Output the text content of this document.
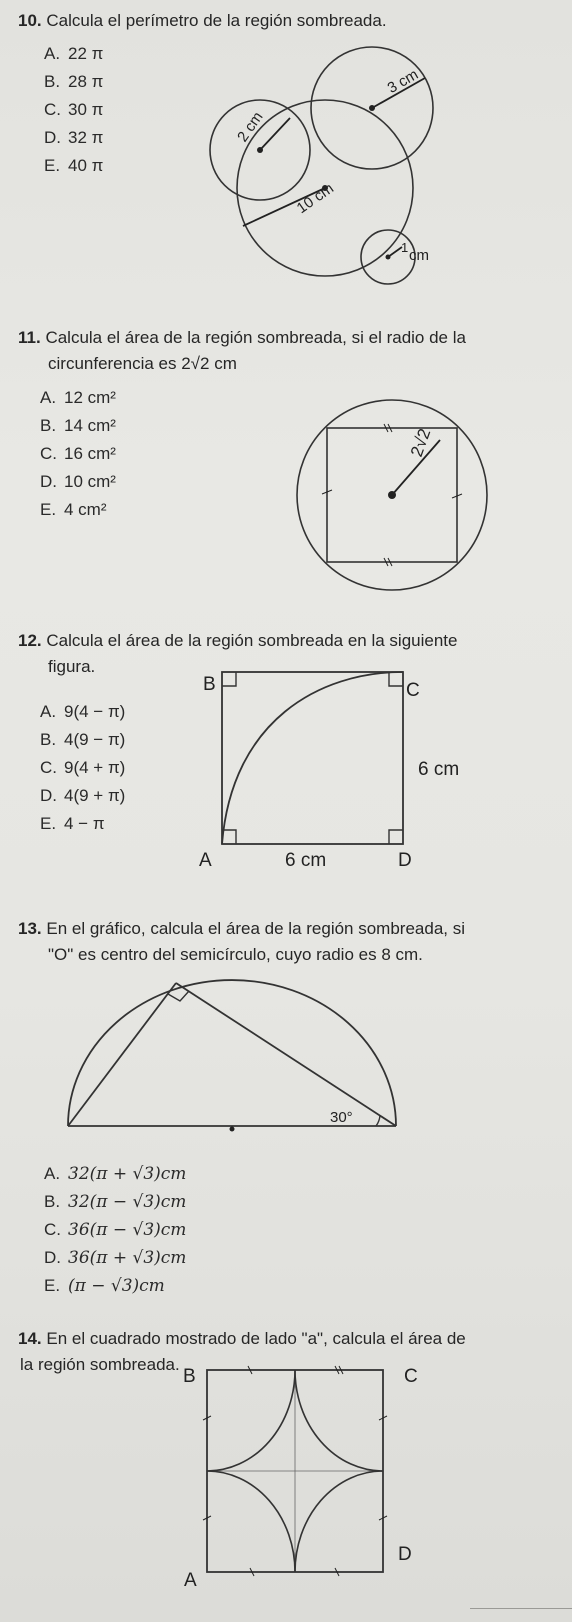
10. Calcula el perímetro de la región sombreada.
A. 22 π
B. 28 π
C. 30 π
D. 32 π
E. 40 π
3 cm
2 cm
10 cm
1 cm
11. Calcula el área de la región sombreada, si el radio de la
circunferencia es 2√2 cm
A. 12 cm²
B. 14 cm²
C. 16 cm²
D. 10 cm²
E. 4 cm²
2√2
12. Calcula el área de la región sombreada en la siguiente
figura.
A. 9(4 − π)
B. 4(9 − π)
C. 9(4 + π)
D. 4(9 + π)
E. 4 − π
B	C
A	D
6 cm
6 cm
13. En el gráfico, calcula el área de la región sombreada, si
"O" es centro del semicírculo, cuyo radio es 8 cm.
30°
A. 32(π + √3)cm
B. 32(π − √3)cm
C. 36(π − √3)cm
D. 36(π + √3)cm
E. (π − √3)cm
14. En el cuadrado mostrado de lado "a", calcula el área de
la región sombreada.
B	C
A
D
